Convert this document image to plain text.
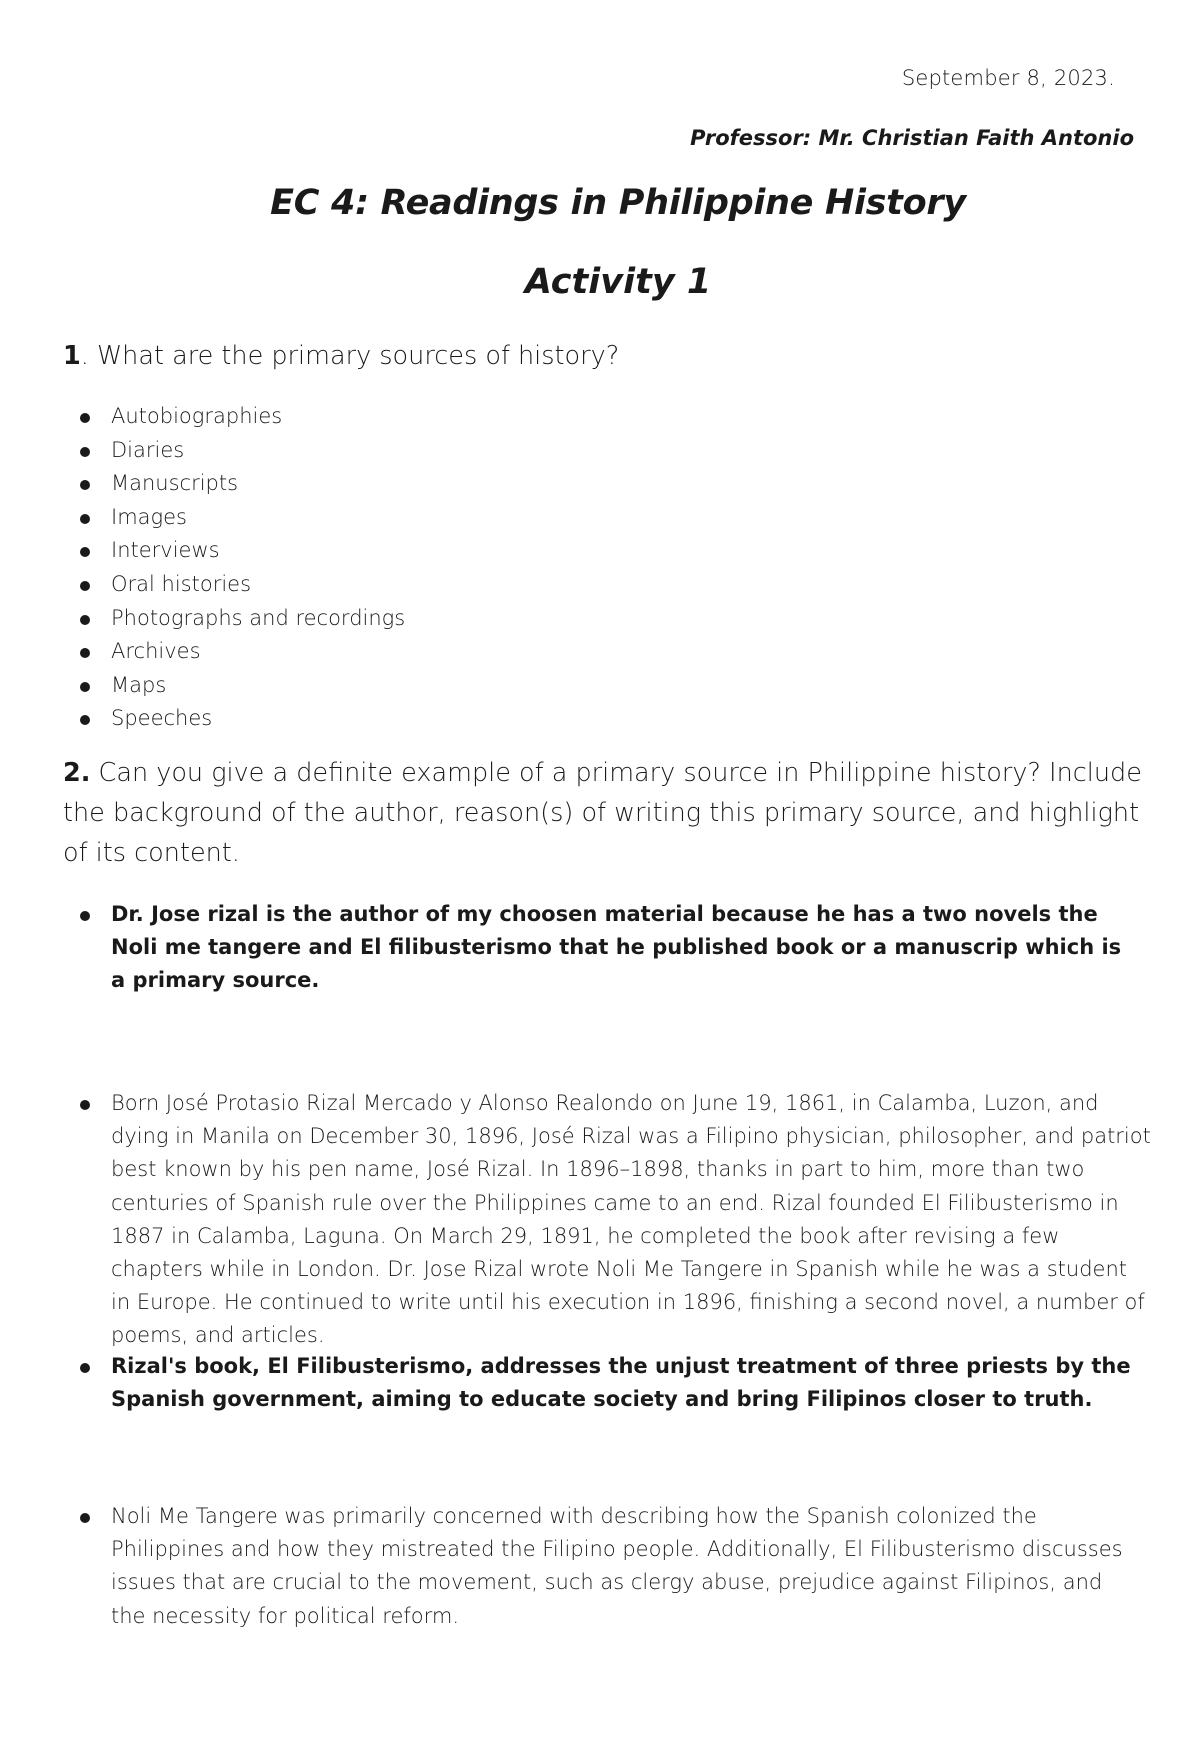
September 8, 2023.
Professor: Mr. Christian Faith Antonio
EC 4: Readings in Philippine History
Activity 1
1. What are the primary sources of history?
Autobiographies
Diaries
Manuscripts
Images
Interviews
Oral histories
Photographs and recordings
Archives
Maps
Speeches
2. Can you give a definite example of a primary source in Philippine history? Include the background of the author, reason(s) of writing this primary source, and highlight of its content.
Dr. Jose rizal is the author of my choosen material because he has a two novels the Noli me tangere and El filibusterismo that he published book or a manuscrip which is a primary source.
Born José Protasio Rizal Mercado y Alonso Realondo on June 19, 1861, in Calamba, Luzon, and dying in Manila on December 30, 1896, José Rizal was a Filipino physician, philosopher, and patriot best known by his pen name, José Rizal. In 1896–1898, thanks in part to him, more than two centuries of Spanish rule over the Philippines came to an end. Rizal founded El Filibusterismo in 1887 in Calamba, Laguna. On March 29, 1891, he completed the book after revising a few chapters while in London. Dr. Jose Rizal wrote Noli Me Tangere in Spanish while he was a student in Europe. He continued to write until his execution in 1896, finishing a second novel, a number of poems, and articles.
Rizal's book, El Filibusterismo, addresses the unjust treatment of three priests by the Spanish government, aiming to educate society and bring Filipinos closer to truth.
Noli Me Tangere was primarily concerned with describing how the Spanish colonized the Philippines and how they mistreated the Filipino people. Additionally, El Filibusterismo discusses issues that are crucial to the movement, such as clergy abuse, prejudice against Filipinos, and the necessity for political reform.
